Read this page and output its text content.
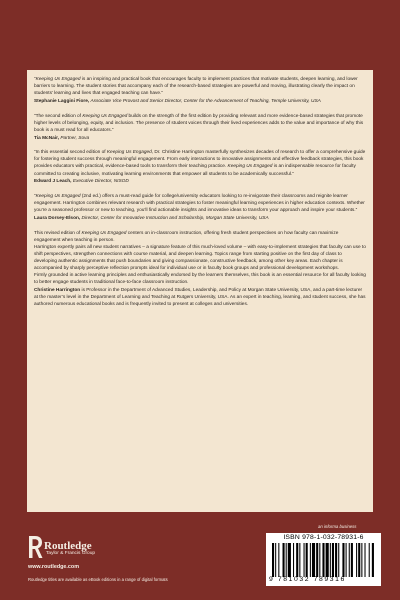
“Keeping Us Engaged is an inspiring and practical book that encourages faculty to implement practices that motivate students, deepen learning, and lower barriers to learning. The student stories that accompany each of the research-based strategies are powerful and moving, illustrating clearly the impact on students’ learning and lives that engaged teaching can have.”

Stephanie Laggini Fiore, Associate Vice Provost and Senior Director, Center for the Advancement of Teaching, Temple University, USA

“The second edition of Keeping Us Engaged builds on the strength of the first edition by providing relevant and more evidence-based strategies that promote higher levels of belonging, equity, and inclusion. The presence of student voices through their lived experiences adds to the value and importance of why this book is a must read for all educators.”

Tia McNair, Partner, Sova

“In this essential second edition of Keeping Us Engaged, Dr. Christine Harrington masterfully synthesizes decades of research to offer a comprehensive guide for fostering student success through meaningful engagement. From early interactions to innovative assignments and effective feedback strategies, this book provides educators with practical, evidence-based tools to transform their teaching practice. Keeping Us Engaged is an indispensable resource for faculty committed to creating inclusive, motivating learning environments that empower all students to be academically successful.”

Edward J Leach, Executive Director, NISOD

“Keeping Us Engaged (2nd ed.) offers a must-read guide for college/university educators looking to re-invigorate their classrooms and reignite learner engagement. Harrington combines relevant research with practical strategies to foster meaningful learning experiences in higher education contexts. Whether you’re a seasoned professor or new to teaching, you’ll find actionable insights and innovative ideas to transform your approach and inspire your students.”

Laura Dorsey-Elson, Director, Center for Innovative Instruction and Scholarship, Morgan State University, USA

This revised edition of Keeping Us Engaged centers on in-classroom instruction, offering fresh student perspectives on how faculty can maximize engagement when teaching in person.

Harrington expertly pairs all new student narratives – a signature feature of this much-loved volume – with easy-to-implement strategies that faculty can use to shift perspectives, strengthen connections with course material, and deepen learning. Topics range from starting positive on the first day of class to developing authentic assignments that push boundaries and giving compassionate, constructive feedback, among other key areas. Each chapter is accompanied by sharply perceptive reflection prompts ideal for individual use or in faculty book groups and professional development workshops.

Firmly grounded in active learning principles and enthusiastically endorsed by the learners themselves, this book is an essential resource for all faculty looking to better engage students in traditional face-to-face classroom instruction.

Christine Harrington is Professor in the Department of Advanced Studies, Leadership, and Policy at Morgan State University, USA, and a part-time lecturer at the master’s level in the Department of Learning and Teaching at Rutgers University, USA. As an expert in teaching, learning, and student success, she has authored numerous educational books and is frequently invited to present at colleges and universities.

an informa business
Routledge
Taylor & Francis Group
www.routledge.com
Routledge titles are available as eBook editions in a range of digital formats
ISBN 978-1-032-78931-6
9 781032 789316
